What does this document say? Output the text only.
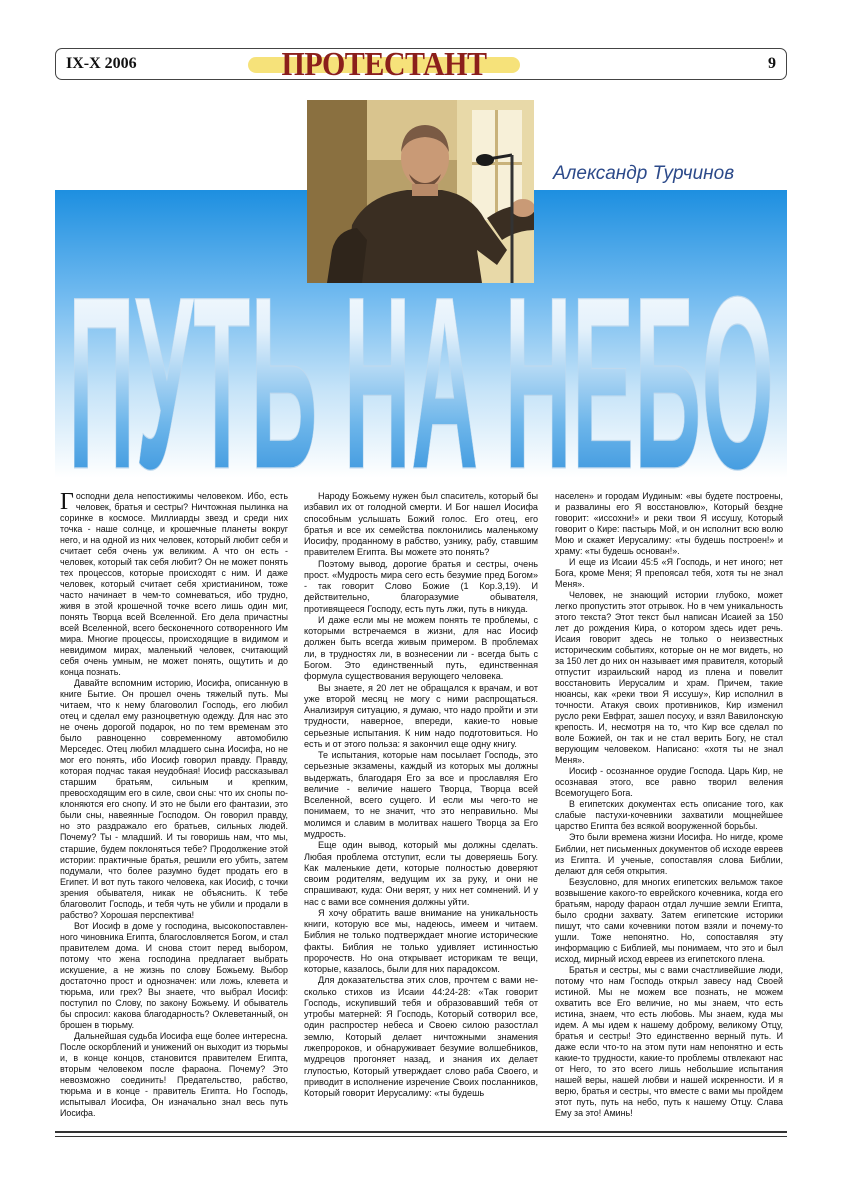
IX-X 2006	ПРОТЕСТАНТ	9
Александр Турчинов
ПУТЬ НА НЕБО

Господни дела непостижимы человеком. Ибо, есть человек, братья и сестры? Ничтожная пылинка на соринке в космосе. Миллиарды звезд и среди них точка - наше солнце, и крошечные планеты вокруг него, и на одной из них человек, который любит себя и считает себя очень уж великим. А что он есть - человек, который так себя любит? Он не может понять тех процессов, которые происходят с ним. И даже человек, который считает себя христианином, тоже часто начинает в чем-то сомневаться, ибо трудно, живя в этой крошечной точке всего лишь один миг, понять Творца всей Вселенной. Его дела причастны всей Вселенной, всего бесконечного сотворенного Им мира. Многие процессы, происходящие в видимом и невидимом мирах, маленький человек, считающий себя очень умным, не может понять, ощутить и до конца познать.

Давайте вспомним историю, Иосифа, описанную в книге Бытие. Он прошел очень тяжелый путь. Мы читаем, что к нему благоволил Господь, его любил отец и сделал ему разноцветную одежду. Для нас это не очень дорогой подарок, но по тем временам это было равноценно современному автомобилю Мерседес. Отец любил младшего сына Иосифа, но не мог его понять, ибо Иосиф говорил правду. Правду, которая подчас такая неудобная! Иосиф рассказывал старшим братьям, сильным и крепким, превосходящим его в силе, свои сны: что их снопы поклоняются его снопу. И это не были его фантазии, это были сны, навеянные Господом. Он говорил правду, но это раздражало его братьев, сильных людей. Почему? Ты - младший. И ты говоришь нам, что мы, старшие, будем поклоняться тебе? Продолжение этой истории: практичные братья, решили его убить, затем подумали, что более разумно будет продать его в Египет. И вот путь такого человека, как Иосиф, с точки зрения обывателя, никак не объяснить. К тебе благоволит Господь, и тебя чуть не убили и продали в рабство? Хорошая перспектива!

Вот Иосиф в доме у господина, высокопоставленного чиновника Египта, благословляется Богом, и стал правителем дома. И снова стоит перед выбором, потому что жена господина предлагает выбрать искушение, а не жизнь по слову Божьему. Выбор достаточно прост и однозначен: или ложь, клевета и тюрьма, или грех? Вы знаете, что выбрал Иосиф: поступил по Слову, по закону Божьему. И обыватель бы спросил: какова благодарность? Оклеветанный, он брошен в тюрьму.

Дальнейшая судьба Иосифа еще более интересна. После оскорблений и унижений он выходит из тюрьмы и, в конце концов, становится правителем Египта, вторым человеком после фараона. Почему? Это невозможно соединить! Предательство, рабство, тюрьма и в конце - правитель Египта. Но Господь, испытывал Иосифа, Он изначально знал весь путь Иосифа.

Народу Божьему нужен был спаситель, который бы избавил их от голодной смерти. И Бог нашел Иосифа способным услышать Божий голос. Его отец, его братья и все их семейства поклонились маленькому Иосифу, проданному в рабство, узнику, рабу, ставшим правителем Египта. Вы можете это понять?

Поэтому вывод, дорогие братья и сестры, очень прост. «Мудрость мира сего есть безумие пред Богом» - так говорит Слово Божие (1 Кор.3,19). И действительно, благоразумие обывателя, противящееся Господу, есть путь лжи, путь в никуда.

И даже если мы не можем понять те проблемы, с которыми встречаемся в жизни, для нас Иосиф должен быть всегда живым примером. В проблемах ли, в трудностях ли, в вознесении ли - всегда быть с Богом. Это единственный путь, единственная формула существования верующего человека.

Вы знаете, я 20 лет не обращался к врачам, и вот уже второй месяц не могу с ними распрощаться. Анализируя ситуацию, я думаю, что надо пройти и эти трудности, наверное, впереди, какие-то новые серьезные испытания. К ним надо подготовиться. Но есть и от этого польза: я закончил еще одну книгу.

Те испытания, которые нам посылает Господь, это серьезные экзамены, каждый из которых мы должны выдержать, благодаря Его за все и прославляя Его величие - величие нашего Творца, Творца всей Вселенной, всего сущего. И если мы чего-то не понимаем, то не значит, что это неправильно. Мы молимся и славим в молитвах нашего Творца за Его мудрость.

Еще один вывод, который мы должны сделать. Любая проблема отступит, если ты доверяешь Богу. Как маленькие дети, которые полностью доверяют своим родителям, ведущим их за руку, и они не спрашивают, куда: Они верят, у них нет сомнений. И у нас с вами все сомнения должны уйти.

Я хочу обратить ваше внимание на уникальность книги, которую все мы, надеюсь, имеем и читаем. Библия не только подтверждает многие исторические факты. Библия не только удивляет истинностью пророчеств. Но она открывает историкам те вещи, которые, казалось, были для них парадоксом.

Для доказательства этих слов, прочтем с вами несколько стихов из Исаии 44:24-28: «Так говорит Господь, искупивший тебя и образовавший тебя от утробы матерней: Я Господь, Который сотворил все, один распростер небеса и Своею силою разостлал землю, Который делает ничтожными знамения лжепророков, и обнаруживает безумие волшебников, мудрецов прогоняет назад, и знания их делает глупостью, Который утверждает слово раба Своего, и приводит в исполнение изречение Своих посланников, Который говорит Иерусалиму: «ты будешь

населен» и городам Иудиным: «вы будете построены, и развалины его Я восстановлю», Который безднe говорит: «иссохни!» и реки твои Я иссушу, Который говорит о Кире: пастырь Мой, и он исполнит всю волю Мою и скажет Иерусалиму: «ты будешь построен!» и храму: «ты будешь основан!».

И еще из Исаии 45:5 «Я Господь, и нет иного; нет Бога, кроме Меня; Я препоясал тебя, хотя ты не знал Меня».

Человек, не знающий истории глубоко, может легко пропустить этот отрывок. Но в чем уникальность этого текста? Этот текст был написан Исаией за 150 лет до рождения Кира, о котором здесь идет речь. Исаия говорит здесь не только о неизвестных историческим событиях, которые он не мог видеть, но за 150 лет до них он называет имя правителя, который отпустит израильский народ из плена и повелит восстановить Иерусалим и храм. Причем, такие нюансы, как «реки твои Я иссушу», Кир исполнил в точности. Атакуя своих противников, Кир изменил русло реки Евфрат, зашел посуху, и взял Вавилонскую крепость. И, несмотря на то, что Кир все сделал по воле Божией, он так и не стал верить Богу, не стал верующим человеком. Написано: «хотя ты не знал Меня».

Иосиф - осознанное орудие Господа. Царь Кир, не осознавая этого, все равно творил веления Всемогущего Бога.

В египетских документах есть описание того, как слабые пастухи-кочевники захватили мощнейшее царство Египта без всякой вооруженной борьбы.

Это были времена жизни Иосифа. Но нигде, кроме Библии, нет письменных документов об исходе евреев из Египта. И ученые, сопоставляя слова Библии, делают для себя открытия.

Безусловно, для многих египетских вельмож такое возвышение какого-то еврейского кочевника, когда его братьям, народу фараон отдал лучшие земли Египта, было сродни захвату. Затем египетские историки пишут, что сами кочевники потом взяли и почему-то ушли. Тоже непонятно. Но, сопоставляя эту информацию с Библией, мы понимаем, что это и был исход, мирный исход евреев из египетского плена.

Братья и сестры, мы с вами счастливейшие люди, потому что нам Господь открыл завесу над Своей истиной. Мы не можем все познать, не можем охватить все Его величие, но мы знаем, что есть истина, знаем, что есть любовь. Мы знаем, куда мы идем. А мы идем к нашему доброму, великому Отцу, братья и сестры! Это единственно верный путь. И даже если что-то на этом пути нам непонятно и есть какие-то трудности, какие-то проблемы отвлекают нас от Него, то это всего лишь небольшие испытания нашей веры, нашей любви и нашей искренности. И я верю, братья и сестры, что вместе с вами мы пройдем этот путь, путь на небо, путь к нашему Отцу. Слава Ему за это! Аминь!
